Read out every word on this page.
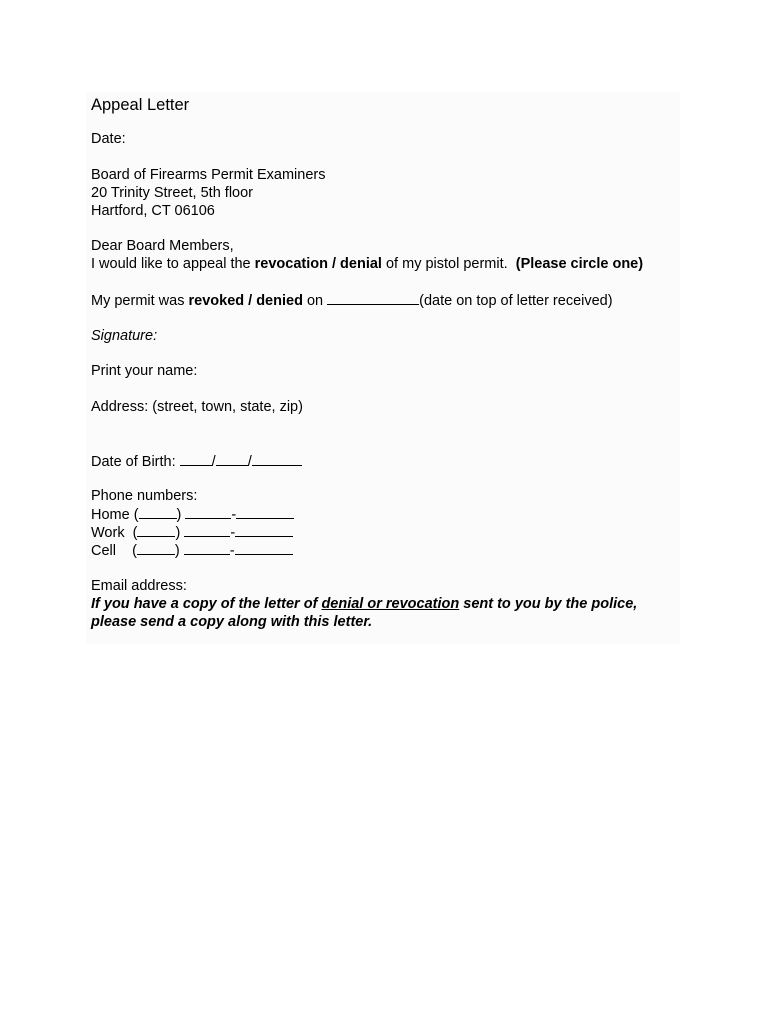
Appeal Letter

Date:

Board of Firearms Permit Examiners

20 Trinity Street, 5th floor

Hartford, CT 06106

Dear Board Members,

I would like to appeal the revocation / denial of my pistol permit.  (Please circle one)

My permit was revoked / denied on	(date on top of letter received)

Signature:

Print your name:

Address: (street, town, state, zip)

Date of Birth: / /

Phone numbers:

Home (	)	-

Work  (	)	-

Cell    (	)	-

Email address:

If you have a copy of the letter of denial or revocation sent to you by the police,

please send a copy along with this letter.
